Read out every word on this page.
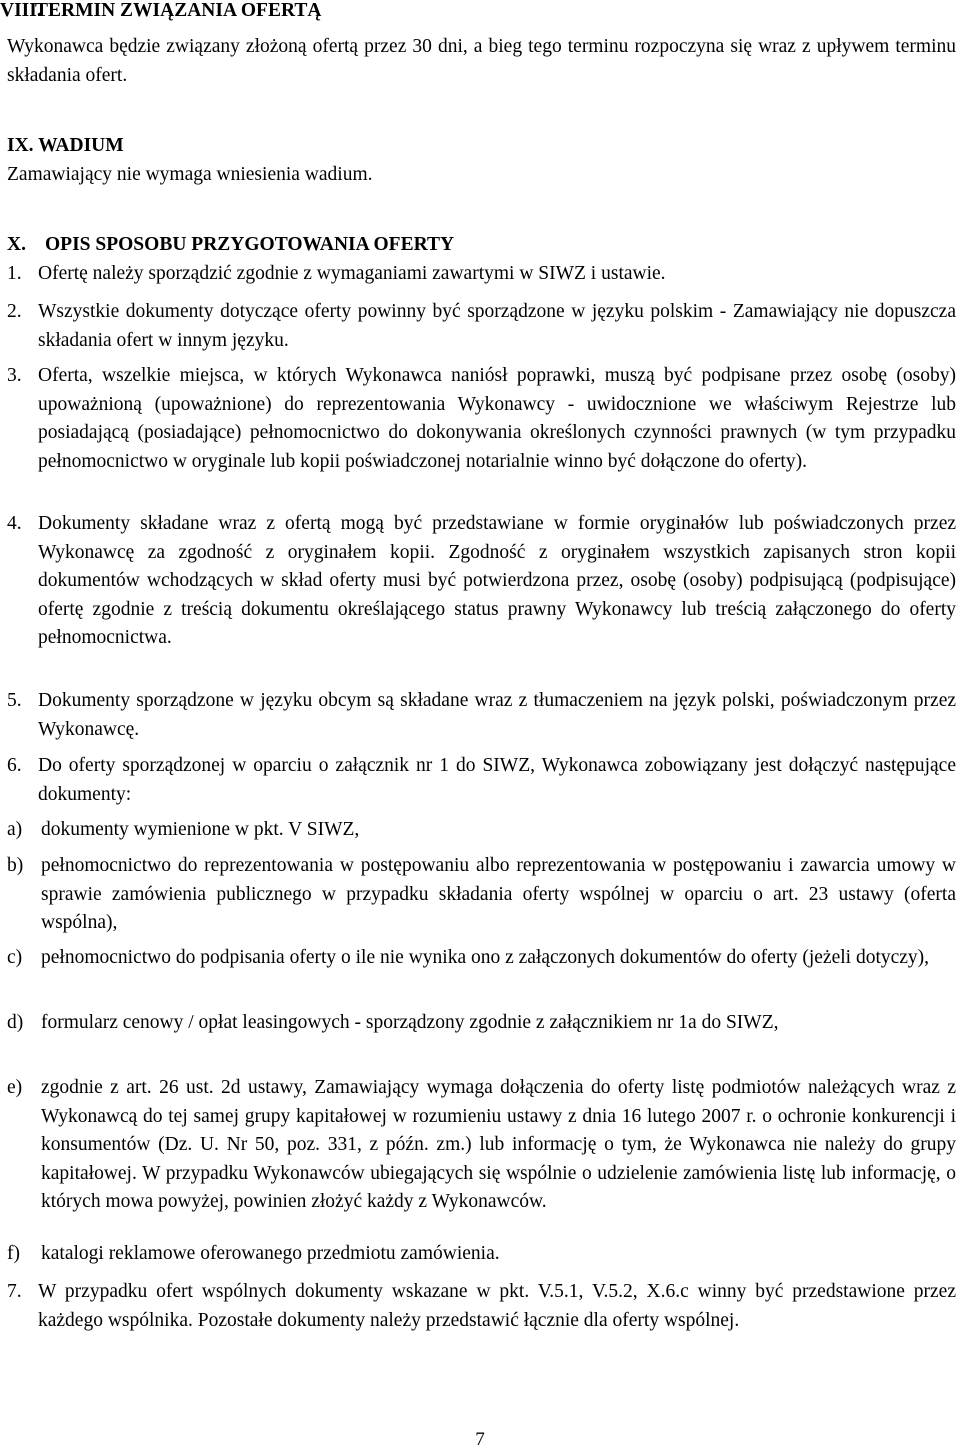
VIII.TERMIN ZWIĄZANIA OFERTĄ
Wykonawca będzie związany złożoną ofertą przez 30 dni, a bieg tego terminu rozpoczyna się wraz z upływem terminu składania ofert.
IX. WADIUM
Zamawiający nie wymaga wniesienia wadium.
X. OPIS SPOSOBU PRZYGOTOWANIA OFERTY
1. Ofertę należy sporządzić zgodnie z wymaganiami zawartymi w SIWZ i ustawie.
2. Wszystkie dokumenty dotyczące oferty powinny być sporządzone w języku polskim - Zamawiający nie dopuszcza składania ofert w innym języku.
3. Oferta, wszelkie miejsca, w których Wykonawca naniósł poprawki, muszą być podpisane przez osobę (osoby) upoważnioną (upoważnione) do reprezentowania Wykonawcy - uwidocznione we właściwym Rejestrze lub posiadającą (posiadające) pełnomocnictwo do dokonywania określonych czynności prawnych (w tym przypadku pełnomocnictwo w oryginale lub kopii poświadczonej notarialnie winno być dołączone do oferty).
4. Dokumenty składane wraz z ofertą mogą być przedstawiane w formie oryginałów lub poświadczonych przez Wykonawcę za zgodność z oryginałem kopii. Zgodność z oryginałem wszystkich zapisanych stron kopii dokumentów wchodzących w skład oferty musi być potwierdzona przez, osobę (osoby) podpisującą (podpisujące) ofertę zgodnie z treścią dokumentu określającego status prawny Wykonawcy lub treścią załączonego do oferty pełnomocnictwa.
5. Dokumenty sporządzone w języku obcym są składane wraz z tłumaczeniem na język polski, poświadczonym przez Wykonawcę.
6. Do oferty sporządzonej w oparciu o załącznik nr 1 do SIWZ, Wykonawca zobowiązany jest dołączyć następujące dokumenty:
a) dokumenty wymienione w pkt. V SIWZ,
b) pełnomocnictwo do reprezentowania w postępowaniu albo reprezentowania w postępowaniu i zawarcia umowy w sprawie zamówienia publicznego w przypadku składania oferty wspólnej w oparciu o art. 23 ustawy (oferta wspólna),
c) pełnomocnictwo do podpisania oferty o ile nie wynika ono z załączonych dokumentów do oferty (jeżeli dotyczy),
d) formularz cenowy / opłat leasingowych - sporządzony zgodnie z załącznikiem nr 1a do SIWZ,
e) zgodnie z art. 26 ust. 2d ustawy, Zamawiający wymaga dołączenia do oferty listę podmiotów należących wraz z Wykonawcą do tej samej grupy kapitałowej w rozumieniu ustawy z dnia 16 lutego 2007 r. o ochronie konkurencji i konsumentów (Dz. U. Nr 50, poz. 331, z późn. zm.) lub informację o tym, że Wykonawca nie należy do grupy kapitałowej. W przypadku Wykonawców ubiegających się wspólnie o udzielenie zamówienia listę lub informację, o których mowa powyżej, powinien złożyć każdy z Wykonawców.
f) katalogi reklamowe oferowanego przedmiotu zamówienia.
7. W przypadku ofert wspólnych dokumenty wskazane w pkt. V.5.1, V.5.2, X.6.c winny być przedstawione przez każdego wspólnika. Pozostałe dokumenty należy przedstawić łącznie dla oferty wspólnej.
7
